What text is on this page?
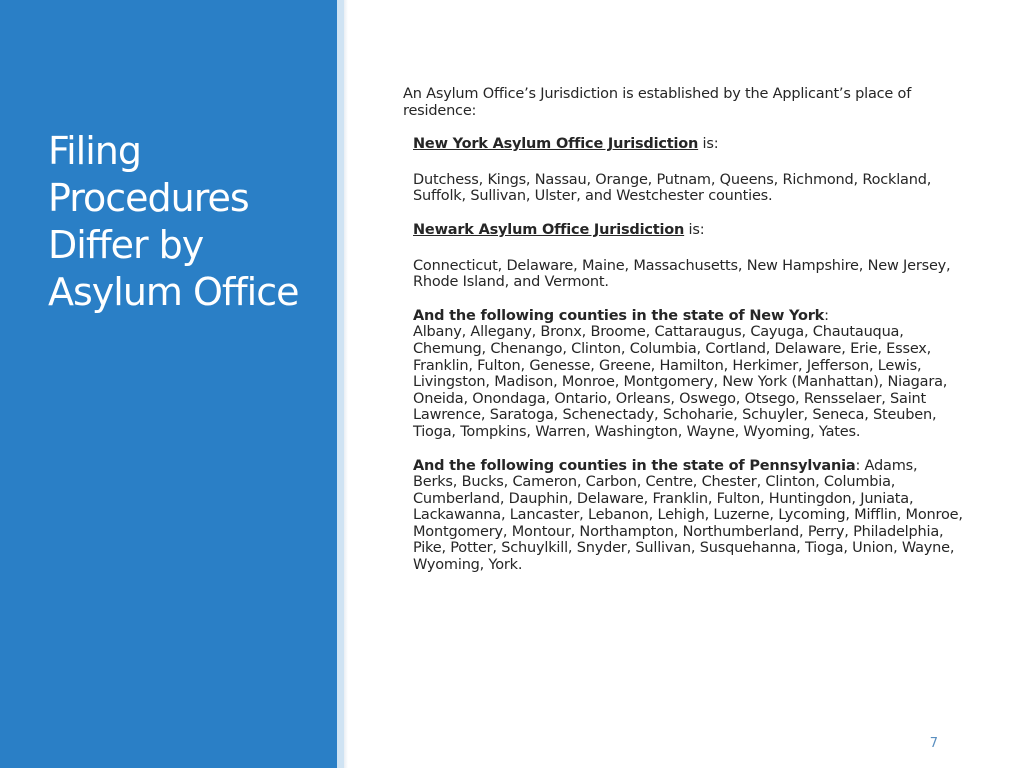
Filing Procedures Differ by Asylum Office

An Asylum Office’s Jurisdiction is established by the Applicant’s place of residence:

New York Asylum Office Jurisdiction is:

Dutchess, Kings, Nassau, Orange, Putnam, Queens, Richmond, Rockland, Suffolk, Sullivan, Ulster, and Westchester counties.

Newark Asylum Office Jurisdiction is:

Connecticut, Delaware, Maine, Massachusetts, New Hampshire, New Jersey, Rhode Island, and Vermont.

And the following counties in the state of New York:

Albany, Allegany, Bronx, Broome, Cattaraugus, Cayuga, Chautauqua, Chemung, Chenango, Clinton, Columbia, Cortland, Delaware, Erie, Essex, Franklin, Fulton, Genesse, Greene, Hamilton, Herkimer, Jefferson, Lewis, Livingston, Madison, Monroe, Montgomery, New York (Manhattan), Niagara, Oneida, Onondaga, Ontario, Orleans, Oswego, Otsego, Rensselaer, Saint Lawrence, Saratoga, Schenectady, Schoharie, Schuyler, Seneca, Steuben, Tioga, Tompkins, Warren, Washington, Wayne, Wyoming, Yates.

And the following counties in the state of Pennsylvania: Adams, Berks, Bucks, Cameron, Carbon, Centre, Chester, Clinton, Columbia, Cumberland, Dauphin, Delaware, Franklin, Fulton, Huntingdon, Juniata, Lackawanna, Lancaster, Lebanon, Lehigh, Luzerne, Lycoming, Mifflin, Monroe, Montgomery, Montour, Northampton, Northumberland, Perry, Philadelphia, Pike, Potter, Schuylkill, Snyder, Sullivan, Susquehanna, Tioga, Union, Wayne, Wyoming, York.

7
